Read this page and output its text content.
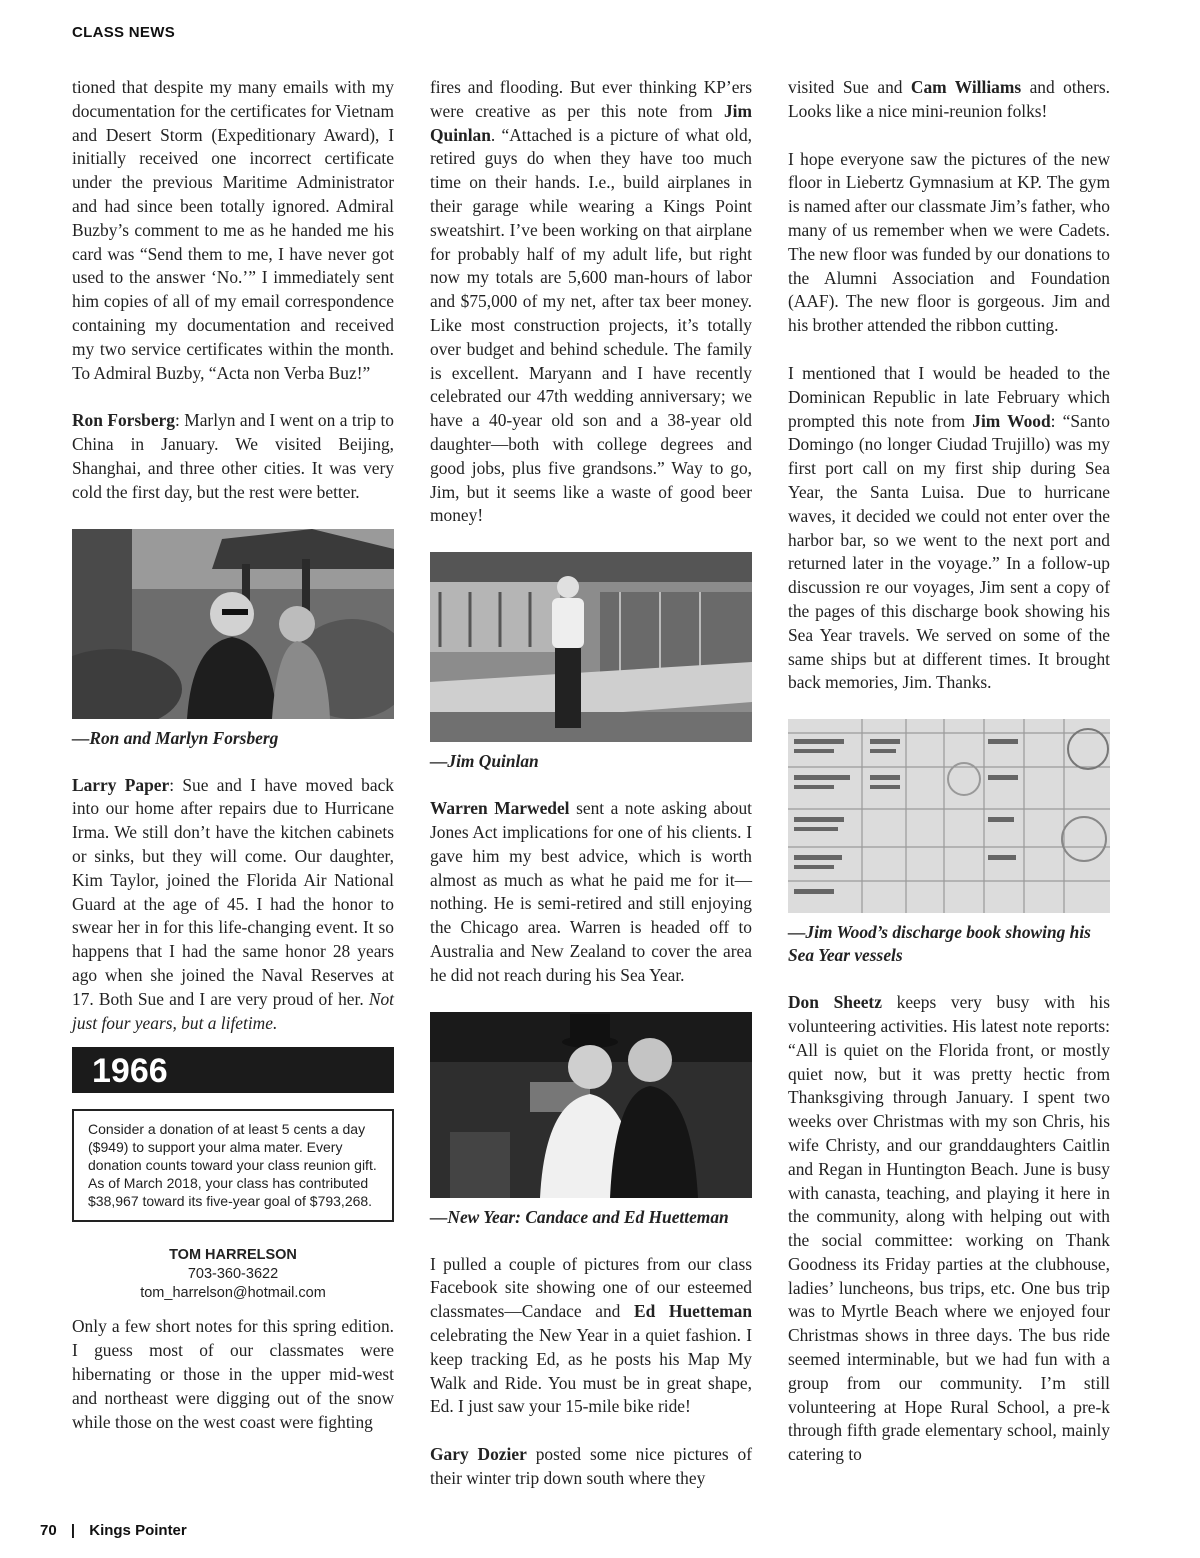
CLASS NEWS

tioned that despite my many emails with my documentation for the certificates for Vietnam and Desert Storm (Expeditionary Award), I initially received one incorrect certificate under the previous Maritime Administrator and had since been totally ignored. Admiral Buzby’s comment to me as he handed me his card was “Send them to me, I have never got used to the answer ‘No.’” I immediately sent him copies of all of my email correspondence containing my documentation and received my two service certificates within the month. To Admiral Buzby, “Acta non Verba Buz!”

Ron Forsberg: Marlyn and I went on a trip to China in January. We visited Beijing, Shanghai, and three other cities. It was very cold the first day, but the rest were better.

—Ron and Marlyn Forsberg

Larry Paper: Sue and I have moved back into our home after repairs due to Hurricane Irma. We still don’t have the kitchen cabinets or sinks, but they will come. Our daughter, Kim Taylor, joined the Florida Air National Guard at the age of 45. I had the honor to swear her in for this life-changing event. It so happens that I had the same honor 28 years ago when she joined the Naval Reserves at 17. Both Sue and I are very proud of her. Not just four years, but a lifetime.

1966
Consider a donation of at least 5 cents a day ($949) to support your alma mater. Every donation counts toward your class reunion gift. As of March 2018, your class has contributed $38,967 toward its five-year goal of $793,268.
TOM HARRELSON
703-360-3622
tom_harrelson@hotmail.com

Only a few short notes for this spring edition. I guess most of our classmates were hibernating or those in the upper mid-west and northeast were digging out of the snow while those on the west coast were fighting

fires and flooding. But ever thinking KP’ers were creative as per this note from Jim Quinlan. “Attached is a picture of what old, retired guys do when they have too much time on their hands. I.e., build airplanes in their garage while wearing a Kings Point sweatshirt. I’ve been working on that airplane for probably half of my adult life, but right now my totals are 5,600 man-hours of labor and $75,000 of my net, after tax beer money. Like most construction projects, it’s totally over budget and behind schedule. The family is excellent. Maryann and I have recently celebrated our 47th wedding anniversary; we have a 40-year old son and a 38-year old daughter—both with college degrees and good jobs, plus five grandsons.” Way to go, Jim, but it seems like a waste of good beer money!

—Jim Quinlan

Warren Marwedel sent a note asking about Jones Act implications for one of his clients. I gave him my best advice, which is worth almost as much as what he paid me for it—nothing. He is semi-retired and still enjoying the Chicago area. Warren is headed off to Australia and New Zealand to cover the area he did not reach during his Sea Year.

—New Year: Candace and Ed Huetteman

I pulled a couple of pictures from our class Facebook site showing one of our esteemed classmates—Candace and Ed Huetteman celebrating the New Year in a quiet fashion. I keep tracking Ed, as he posts his Map My Walk and Ride. You must be in great shape, Ed. I just saw your 15-mile bike ride!

Gary Dozier posted some nice pictures of their winter trip down south where they

visited Sue and Cam Williams and others. Looks like a nice mini-reunion folks!

I hope everyone saw the pictures of the new floor in Liebertz Gymnasium at KP. The gym is named after our classmate Jim’s father, who many of us remember when we were Cadets. The new floor was funded by our donations to the Alumni Association and Foundation (AAF). The new floor is gorgeous. Jim and his brother attended the ribbon cutting.

I mentioned that I would be headed to the Dominican Republic in late February which prompted this note from Jim Wood: “Santo Domingo (no longer Ciudad Trujillo) was my first port call on my first ship during Sea Year, the Santa Luisa. Due to hurricane waves, it decided we could not enter over the harbor bar, so we went to the next port and returned later in the voyage.” In a follow-up discussion re our voyages, Jim sent a copy of the pages of this discharge book showing his Sea Year travels. We served on some of the same ships but at different times. It brought back memories, Jim. Thanks.

—Jim Wood’s discharge book showing his Sea Year vessels

Don Sheetz keeps very busy with his volunteering activities. His latest note reports: “All is quiet on the Florida front, or mostly quiet now, but it was pretty hectic from Thanksgiving through January. I spent two weeks over Christmas with my son Chris, his wife Christy, and our granddaughters Caitlin and Regan in Huntington Beach. June is busy with canasta, teaching, and playing it here in the community, along with helping out with the social committee: working on Thank Goodness its Friday parties at the clubhouse, ladies’ luncheons, bus trips, etc. One bus trip was to Myrtle Beach where we enjoyed four Christmas shows in three days. The bus ride seemed interminable, but we had fun with a group from our community. I’m still volunteering at Hope Rural School, a pre-k through fifth grade elementary school, mainly catering to

70 | Kings Pointer
